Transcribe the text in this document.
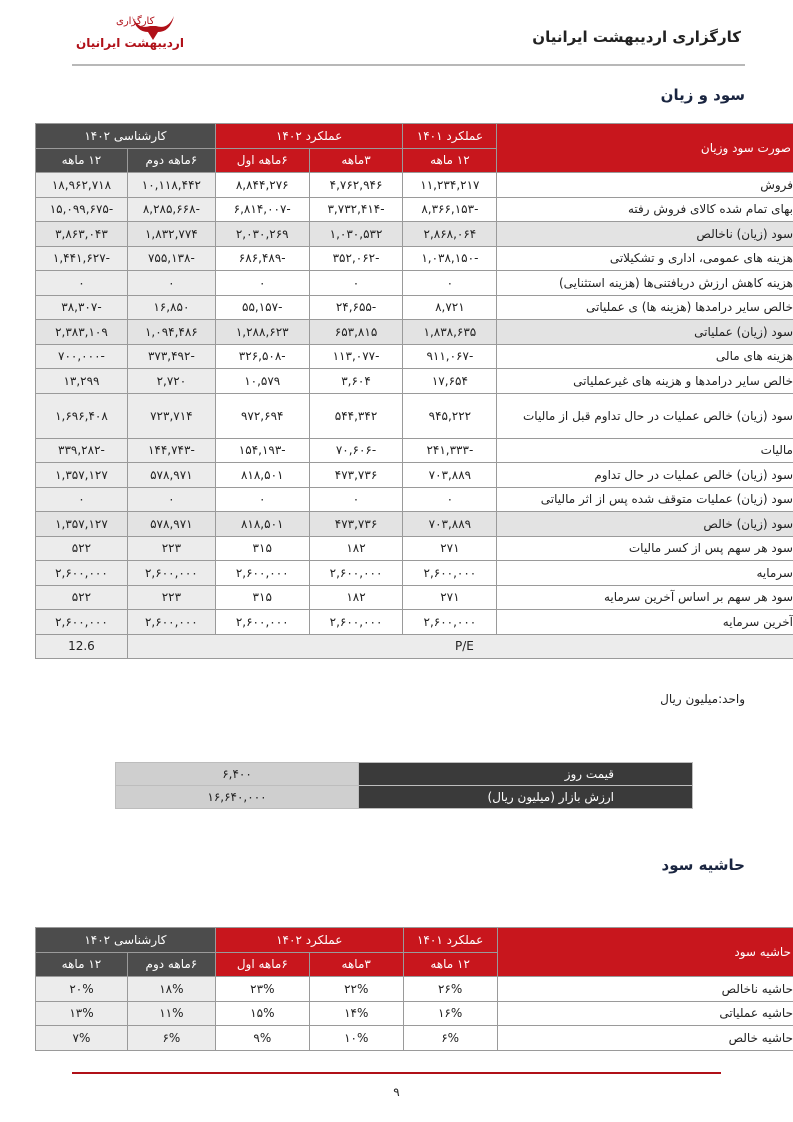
کارگزاری
اردیبهشت ایرانیان	کارگزاری اردیبهشت ایرانیان
سود و زیان
صورت سود وزیان	عملکرد ۱۴۰۱	عملکرد ۱۴۰۲		کارشناسی ۱۴۰۲	
	۱۲ ماهه	۳ماهه	۶ماهه اول	۶ماهه دوم	۱۲ ماهه
فروش	۱۱,۲۳۴,۲۱۷	۴,۷۶۲,۹۴۶	۸,۸۴۴,۲۷۶	۱۰,۱۱۸,۴۴۲	۱۸,۹۶۲,۷۱۸
بهای تمام شده کالای فروش رفته	-۸,۳۶۶,۱۵۳	-۳,۷۳۲,۴۱۴	-۶,۸۱۴,۰۰۷	-۸,۲۸۵,۶۶۸	-۱۵,۰۹۹,۶۷۵
سود (زیان) ناخالص	۲,۸۶۸,۰۶۴	۱,۰۳۰,۵۳۲	۲,۰۳۰,۲۶۹	۱,۸۳۲,۷۷۴	۳,۸۶۳,۰۴۳
هزینه های عمومی، اداری و تشکیلاتی	-۱,۰۳۸,۱۵۰	-۳۵۲,۰۶۲	-۶۸۶,۴۸۹	-۷۵۵,۱۳۸	-۱,۴۴۱,۶۲۷
هزینه کاهش ارزش دریافتنی‌ها (هزینه استثنایی)	۰	۰	۰	۰	۰
خالص سایر درامدها (هزینه ها) ی عملیاتی	۸,۷۲۱	-۲۴,۶۵۵	-۵۵,۱۵۷	۱۶,۸۵۰	-۳۸,۳۰۷
سود (زیان) عملیاتی	۱,۸۳۸,۶۳۵	۶۵۳,۸۱۵	۱,۲۸۸,۶۲۳	۱,۰۹۴,۴۸۶	۲,۳۸۳,۱۰۹
هزینه های مالی	-۹۱۱,۰۶۷	-۱۱۳,۰۷۷	-۳۲۶,۵۰۸	-۳۷۳,۴۹۲	-۷۰۰,۰۰۰
خالص سایر درامدها و هزینه های غیرعملیاتی	۱۷,۶۵۴	۳,۶۰۴	۱۰,۵۷۹	۲,۷۲۰	۱۳,۲۹۹
سود (زیان) خالص عملیات در حال تداوم قبل از مالیات	۹۴۵,۲۲۲	۵۴۴,۳۴۲	۹۷۲,۶۹۴	۷۲۳,۷۱۴	۱,۶۹۶,۴۰۸
مالیات	-۲۴۱,۳۳۳	-۷۰,۶۰۶	-۱۵۴,۱۹۳	-۱۴۴,۷۴۳	-۳۳۹,۲۸۲
سود (زیان) خالص عملیات در حال تداوم	۷۰۳,۸۸۹	۴۷۳,۷۳۶	۸۱۸,۵۰۱	۵۷۸,۹۷۱	۱,۳۵۷,۱۲۷
سود (زیان) عملیات متوقف شده پس از اثر مالیاتی	۰	۰	۰	۰	۰
سود (زیان) خالص	۷۰۳,۸۸۹	۴۷۳,۷۳۶	۸۱۸,۵۰۱	۵۷۸,۹۷۱	۱,۳۵۷,۱۲۷
سود هر سهم پس از کسر مالیات	۲۷۱	۱۸۲	۳۱۵	۲۲۳	۵۲۲
سرمایه	۲,۶۰۰,۰۰۰	۲,۶۰۰,۰۰۰	۲,۶۰۰,۰۰۰	۲,۶۰۰,۰۰۰	۲,۶۰۰,۰۰۰
سود هر سهم بر اساس آخرین سرمایه	۲۷۱	۱۸۲	۳۱۵	۲۲۳	۵۲۲
آخرین سرمایه	۲,۶۰۰,۰۰۰	۲,۶۰۰,۰۰۰	۲,۶۰۰,۰۰۰	۲,۶۰۰,۰۰۰	۲,۶۰۰,۰۰۰
P/E					12.6
واحد:میلیون ریال
قیمت روز	۶,۴۰۰
ارزش بازار (میلیون ریال)	۱۶,۶۴۰,۰۰۰
حاشیه سود
حاشیه سود	عملکرد ۱۴۰۱	عملکرد ۱۴۰۲		کارشناسی ۱۴۰۲	
	۱۲ ماهه	۳ماهه	۶ماهه اول	۶ماهه دوم	۱۲ ماهه
حاشیه ناخالص	۲۶%	۲۲%	۲۳%	۱۸%	۲۰%
حاشیه عملیاتی	۱۶%	۱۴%	۱۵%	۱۱%	۱۳%
حاشیه خالص	۶%	۱۰%	۹%	۶%	۷%
۹
